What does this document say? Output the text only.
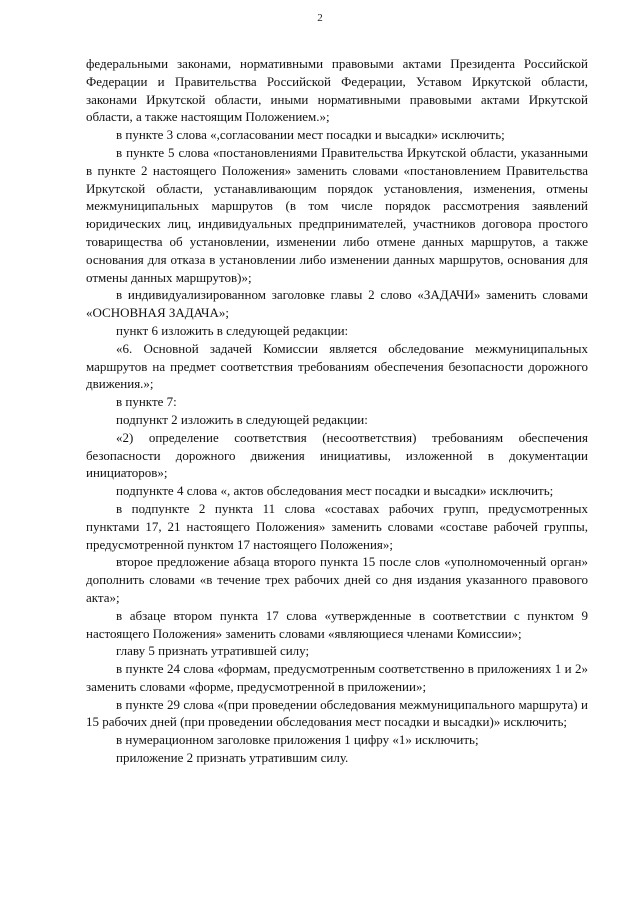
2

федеральными законами, нормативными правовыми актами Президента Российской Федерации и Правительства Российской Федерации, Уставом Иркутской области, законами Иркутской области, иными нормативными правовыми актами Иркутской области, а также настоящим Положением.»;

в пункте 3 слова «,согласовании мест посадки и высадки» исключить;

в пункте 5 слова «постановлениями Правительства Иркутской области, указанными в пункте 2 настоящего Положения» заменить словами «постановлением Правительства Иркутской области, устанавливающим порядок установления, изменения, отмены межмуниципальных маршрутов (в том числе порядок рассмотрения заявлений юридических лиц, индивидуальных предпринимателей, участников договора простого товарищества об установлении, изменении либо отмене данных маршрутов, а также основания для отказа в установлении либо изменении данных маршрутов, основания для отмены данных маршрутов)»;

в индивидуализированном заголовке главы 2 слово «ЗАДАЧИ» заменить словами «ОСНОВНАЯ ЗАДАЧА»;

пункт 6 изложить в следующей редакции:

«6. Основной задачей Комиссии является обследование межмуниципальных маршрутов на предмет соответствия требованиям обеспечения безопасности дорожного движения.»;

в пункте 7:

подпункт 2 изложить в следующей редакции:

«2) определение соответствия (несоответствия) требованиям обеспечения безопасности дорожного движения инициативы, изложенной в документации инициаторов»;

подпункте 4 слова «, актов обследования мест посадки и высадки» исключить;

в подпункте 2 пункта 11 слова «составах рабочих групп, предусмотренных пунктами 17, 21 настоящего Положения» заменить словами «составе рабочей группы, предусмотренной пунктом 17 настоящего Положения»;

второе предложение абзаца второго пункта 15 после слов «уполномоченный орган» дополнить словами «в течение трех рабочих дней со дня издания указанного правового акта»;

в абзаце втором пункта 17 слова «утвержденные в соответствии с пунктом 9 настоящего Положения» заменить словами «являющиеся членами Комиссии»;

главу 5 признать утратившей силу;

в пункте 24 слова «формам, предусмотренным соответственно в приложениях 1 и 2» заменить словами «форме, предусмотренной в приложении»;

в пункте 29 слова «(при проведении обследования межмуниципального маршрута) и 15 рабочих дней (при проведении обследования мест посадки и высадки)» исключить;

в нумерационном заголовке приложения 1 цифру «1» исключить;

приложение 2 признать утратившим силу.
